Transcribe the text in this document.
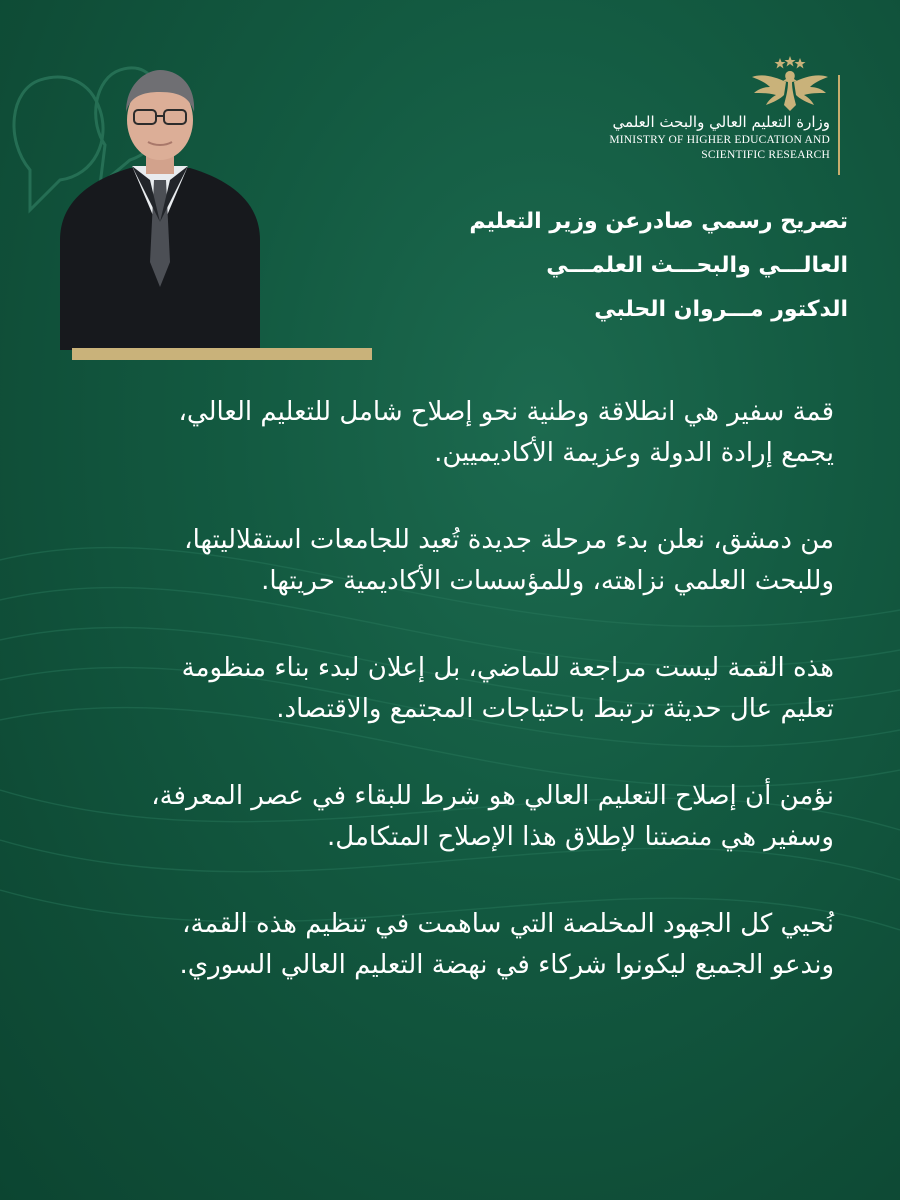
وزارة التعليم العالي والبحث العلمي
MINISTRY OF HIGHER EDUCATION AND
SCIENTIFIC RESEARCH
تصريح رسمي صادرعن وزير التعليم
العالـــي والبحـــث العلمـــي
الدكتور مـــروان الحلبي
قمة سفير هي انطلاقة وطنية نحو إصلاح شامل للتعليم العالي،
يجمع إرادة الدولة وعزيمة الأكاديميين.
من دمشق، نعلن بدء مرحلة جديدة تُعيد للجامعات استقلاليتها،
وللبحث العلمي نزاهته، وللمؤسسات الأكاديمية حريتها.
هذه القمة ليست مراجعة للماضي، بل إعلان لبدء بناء منظومة
تعليم عال حديثة ترتبط باحتياجات المجتمع والاقتصاد.
نؤمن أن إصلاح التعليم العالي هو شرط للبقاء في عصر المعرفة،
وسفير هي منصتنا لإطلاق هذا الإصلاح المتكامل.
نُحيي كل الجهود المخلصة التي ساهمت في تنظيم هذه القمة،
وندعو الجميع ليكونوا شركاء في نهضة التعليم العالي السوري.
